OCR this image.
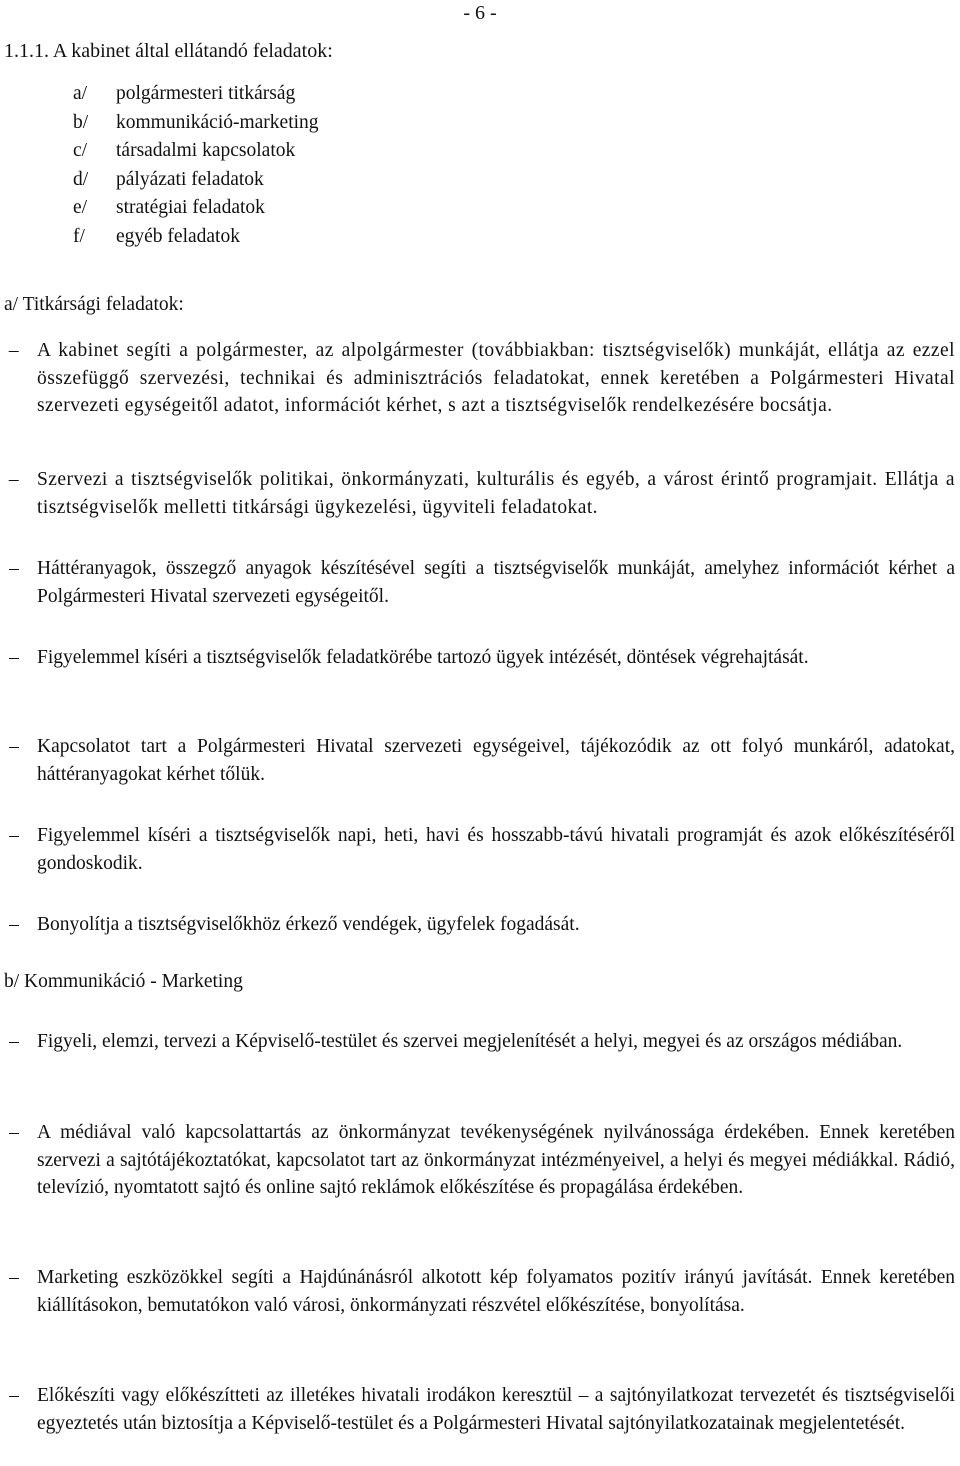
- 6 -
1.1.1. A kabinet által ellátandó feladatok:
a/ polgármesteri titkárság
b/ kommunikáció-marketing
c/ társadalmi kapcsolatok
d/ pályázati feladatok
e/ stratégiai feladatok
f/ egyéb feladatok
a/ Titkársági feladatok:
– A kabinet segíti a polgármester, az alpolgármester (továbbiakban: tisztségviselők) munkáját, ellátja az ezzel összefüggő szervezési, technikai és adminisztrációs feladatokat, ennek keretében a Polgármesteri Hivatal szervezeti egységeitől adatot, információt kérhet, s azt a tisztségviselők rendelkezésére bocsátja.
– Szervezi a tisztségviselők politikai, önkormányzati, kulturális és egyéb, a várost érintő programjait. Ellátja a tisztségviselők melletti titkársági ügykezelési, ügyviteli feladatokat.
– Háttéranyagok, összegző anyagok készítésével segíti a tisztségviselők munkáját, amelyhez információt kérhet a Polgármesteri Hivatal szervezeti egységeitől.
– Figyelemmel kíséri a tisztségviselők feladatkörébe tartozó ügyek intézését, döntések végrehajtását.
– Kapcsolatot tart a Polgármesteri Hivatal szervezeti egységeivel, tájékozódik az ott folyó munkáról, adatokat, háttéranyagokat kérhet tőlük.
– Figyelemmel kíséri a tisztségviselők napi, heti, havi és hosszabb-távú hivatali programját és azok előkészítéséről gondoskodik.
– Bonyolítja a tisztségviselőkhöz érkező vendégek, ügyfelek fogadását.
b/ Kommunikáció - Marketing
– Figyeli, elemzi, tervezi a Képviselő-testület és szervei megjelenítését a helyi, megyei és az országos médiában.
– A médiával való kapcsolattartás az önkormányzat tevékenységének nyilvánossága érdekében. Ennek keretében szervezi a sajtótájékoztatókat, kapcsolatot tart az önkormányzat intézményeivel, a helyi és megyei médiákkal. Rádió, televízió, nyomtatott sajtó és online sajtó reklámok előkészítése és propagálása érdekében.
– Marketing eszközökkel segíti a Hajdúnánásról alkotott kép folyamatos pozitív irányú javítását. Ennek keretében kiállításokon, bemutatókon való városi, önkormányzati részvétel előkészítése, bonyolítása.
– Előkészíti vagy előkészítteti az illetékes hivatali irodákon keresztül – a sajtónyilatkozat tervezetét és tisztségviselői egyeztetés után biztosítja a Képviselő-testület és a Polgármesteri Hivatal sajtónyilatkozatainak megjelentetését.
